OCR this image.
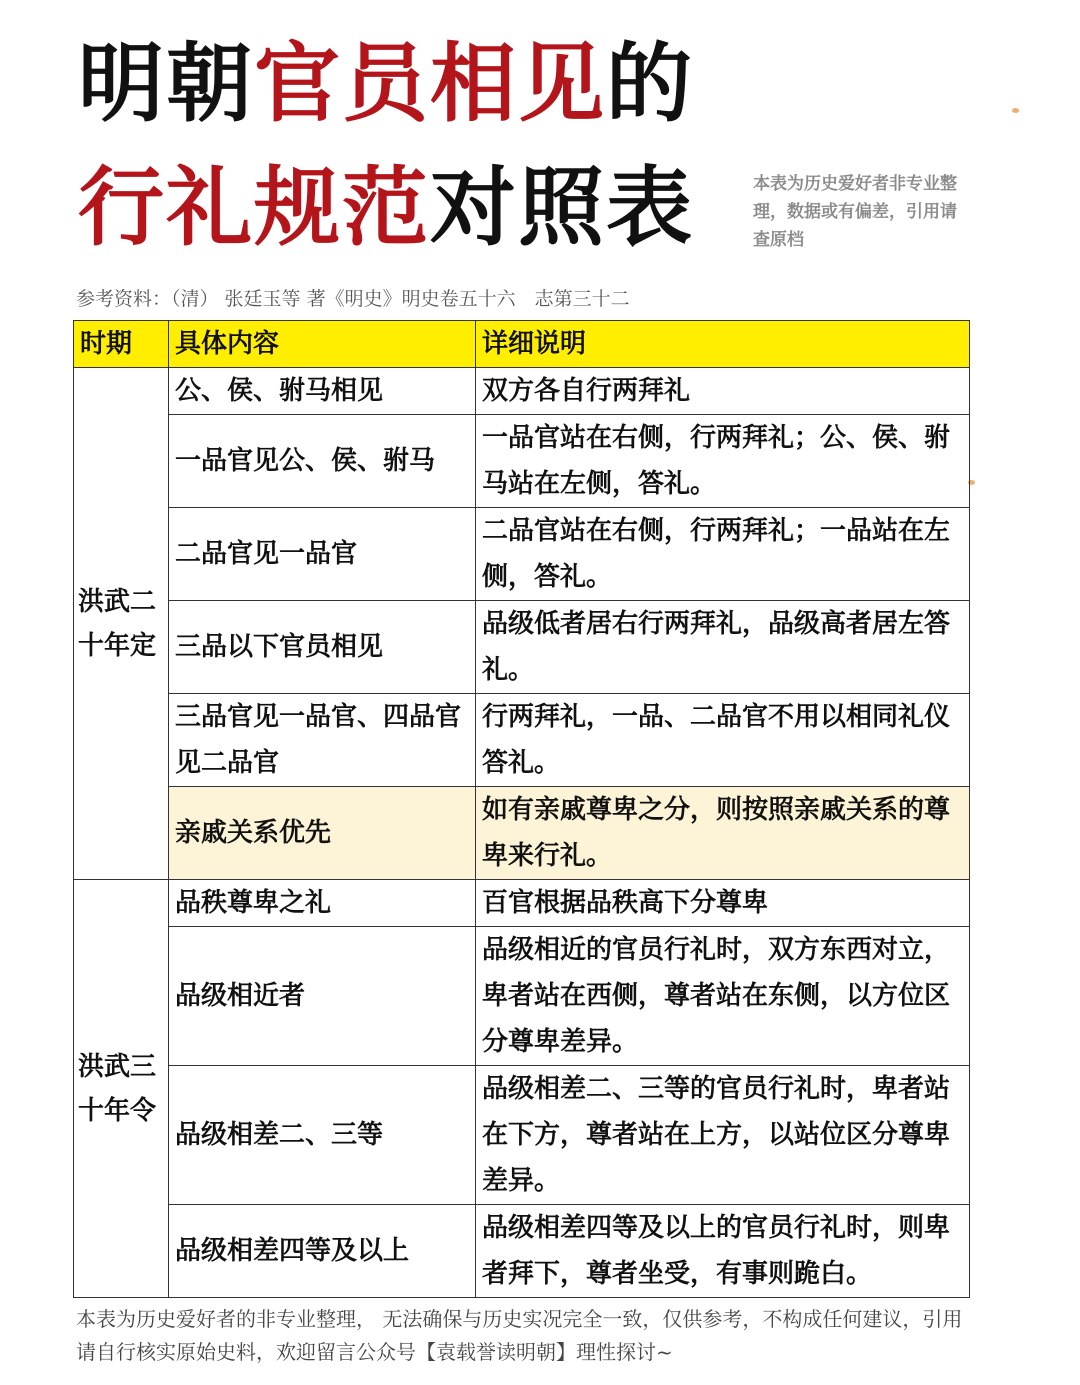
明朝官员相见的
行礼规范对照表	本表为历史爱好者非专业整理，数据或有偏差，引用请查原档
参考资料：（清） 张廷玉等 著《明史》明史卷五十六　志第三十二
时期	具体内容	详细说明
洪武二十年定	公、侯、驸马相见	双方各自行两拜礼
	一品官见公、侯、驸马	一品官站在右侧，行两拜礼；公、侯、驸马站在左侧，答礼。
	二品官见一品官	二品官站在右侧，行两拜礼；一品站在左侧，答礼。
	三品以下官员相见	品级低者居右行两拜礼，品级高者居左答礼。
	三品官见一品官、四品官见二品官	行两拜礼，一品、二品官不用以相同礼仪答礼。
	亲戚关系优先	如有亲戚尊卑之分，则按照亲戚关系的尊卑来行礼。
洪武三十年令	品秩尊卑之礼	百官根据品秩高下分尊卑
	品级相近者	品级相近的官员行礼时，双方东西对立，卑者站在西侧，尊者站在东侧，以方位区分尊卑差异。
	品级相差二、三等	品级相差二、三等的官员行礼时，卑者站在下方，尊者站在上方，以站位区分尊卑差异。
	品级相差四等及以上	品级相差四等及以上的官员行礼时，则卑者拜下，尊者坐受，有事则跪白。
本表为历史爱好者的非专业整理， 无法确保与历史实况完全一致，仅供参考，不构成任何建议，引用请自行核实原始史料，欢迎留言公众号【袁载誉读明朝】理性探讨~
